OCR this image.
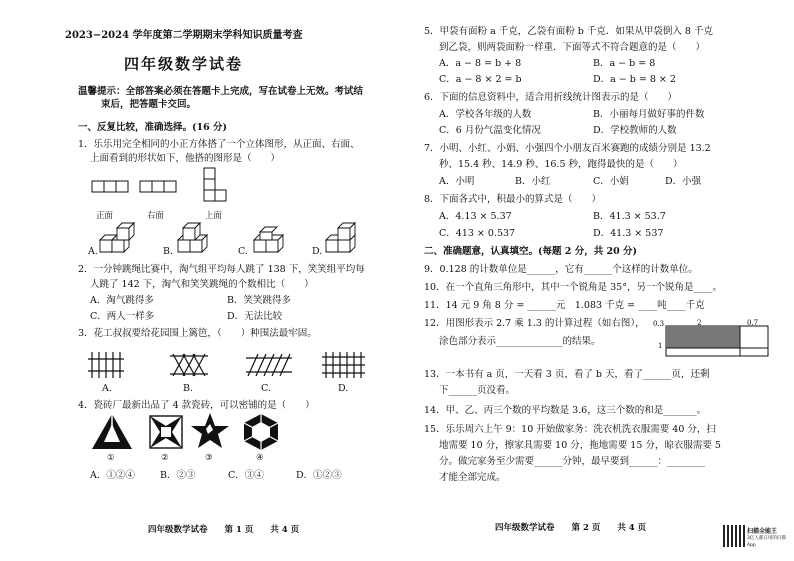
2023−2024 学年度第二学期期末学科知识质量考查
四年级数学试卷
温馨提示：全部答案必须在答题卡上完成，写在试卷上无效。考试结
束后，把答题卡交回。
一、反复比较，准确选择。(16 分)
1．乐乐用完全相同的小正方体搭了一个立体图形，从正面、右面、
上面看到的形状如下，他搭的图形是（　　）
正面	右面	上面
A.	B.	C.	D.
2．一分钟跳绳比赛中，淘气组平均每人跳了 138 下，笑笑组平均每
人跳了 142 下，淘气和笑笑跳绳的个数相比（　　）
A．淘气跳得多	B．笑笑跳得多
C．两人一样多	D．无法比较
3．花工叔叔要给花园围上篱笆，（　　）种围法最牢固。
A.	B.	C.	D.
4．瓷砖厂最新出品了 4 款瓷砖，可以密铺的是（　　）
①	②	③	④
A．①②④	B．②③	C．③④	D．①②③
四年级数学试卷　　第 1 页　　共 4 页
5．甲袋有面粉 a 千克，乙袋有面粉 b 千克．如果从甲袋倒入 8 千克
到乙袋，则两袋面粉一样重．下面等式不符合题意的是（　　）
A．a − 8 = b + 8	B．a − b = 8
C．a − 8 × 2 = b	D．a − b = 8 × 2
6．下面的信息资料中，适合用折线统计图表示的是（　　）
A．学校各年级的人数	B．小丽每月做好事的件数
C．6 月份气温变化情况	D．学校教师的人数
7．小明、小红、小娟、小强四个小朋友百米赛跑的成绩分别是 13.2
秒、15.4 秒、14.9 秒、16.5 秒，跑得最快的是（　　）
A．小明	B．小红	C．小娟	D．小强
8．下面各式中，积最小的算式是（　　）
A．4.13 × 5.37	B．41.3 × 53.7
C．413 × 0.537	D．41.3 × 537
二、准确题意，认真填空。(每题 2 分，共 20 分)
9．0.128 的计数单位是______，它有______个这样的计数单位。
10．在一个直角三角形中，其中一个锐角是 35°，另一个锐角是____。
11．14 元 9 角 8 分 = ______元　1.083 千克 = ____吨____千克
12．用图形表示 2.7 乘 1.3 的计算过程（如右图），
涂色部分表示______________的结果。
0.3	2	0.7
1
13．一本书有 a 页，一天看 3 页，看了 b 天，看了______页，还剩
下______页没看。
14．甲、乙、丙三个数的平均数是 3.6，这三个数的和是_______。
15．乐乐周六上午 9：10 开始做家务：洗衣机洗衣服需要 40 分，扫
地需要 10 分，擦家具需要 10 分，拖地需要 15 分，晾衣服需要 5
分。做完家务至少需要______分钟，最早要到______：________
才能全部完成。
四年级数学试卷　　第 2 页　　共 4 页	扫描全能王
3亿人都在用的扫描App
